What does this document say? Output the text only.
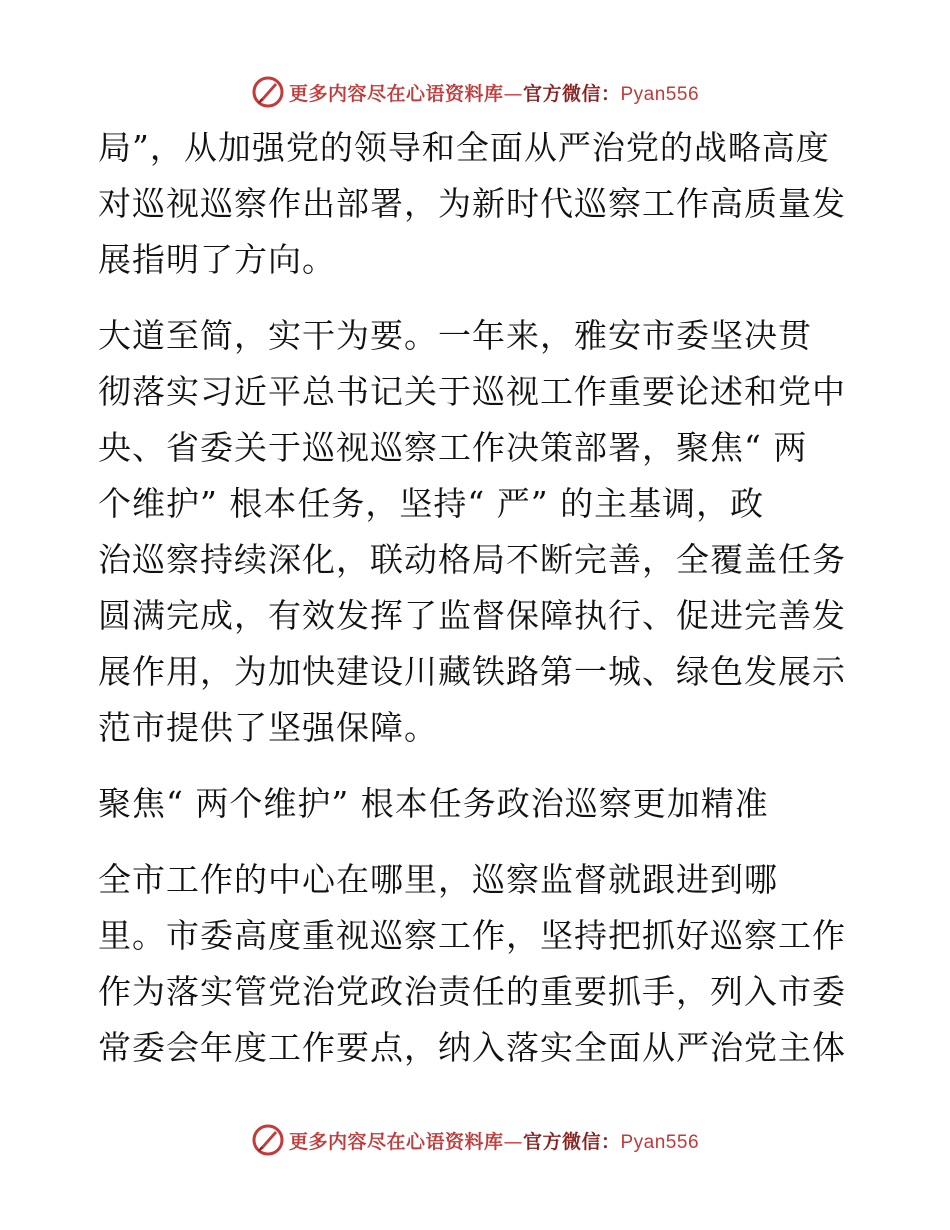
更多内容尽在心语资料库—官方微信：Pyan556

局”，从加强党的领导和全面从严治党的战略高度
对巡视巡察作出部署，为新时代巡察工作高质量发
展指明了方向。

大道至简，实干为要。一年来，雅安市委坚决贯
彻落实习近平总书记关于巡视工作重要论述和党中
央、省委关于巡视巡察工作决策部署，聚焦“ 两
个维护” 根本任务，坚持“ 严” 的主基调，政
治巡察持续深化，联动格局不断完善，全覆盖任务
圆满完成，有效发挥了监督保障执行、促进完善发
展作用，为加快建设川藏铁路第一城、绿色发展示
范市提供了坚强保障。

聚焦“ 两个维护” 根本任务政治巡察更加精准

全市工作的中心在哪里，巡察监督就跟进到哪
里。市委高度重视巡察工作，坚持把抓好巡察工作
作为落实管党治党政治责任的重要抓手，列入市委
常委会年度工作要点，纳入落实全面从严治党主体

更多内容尽在心语资料库—官方微信：Pyan556
